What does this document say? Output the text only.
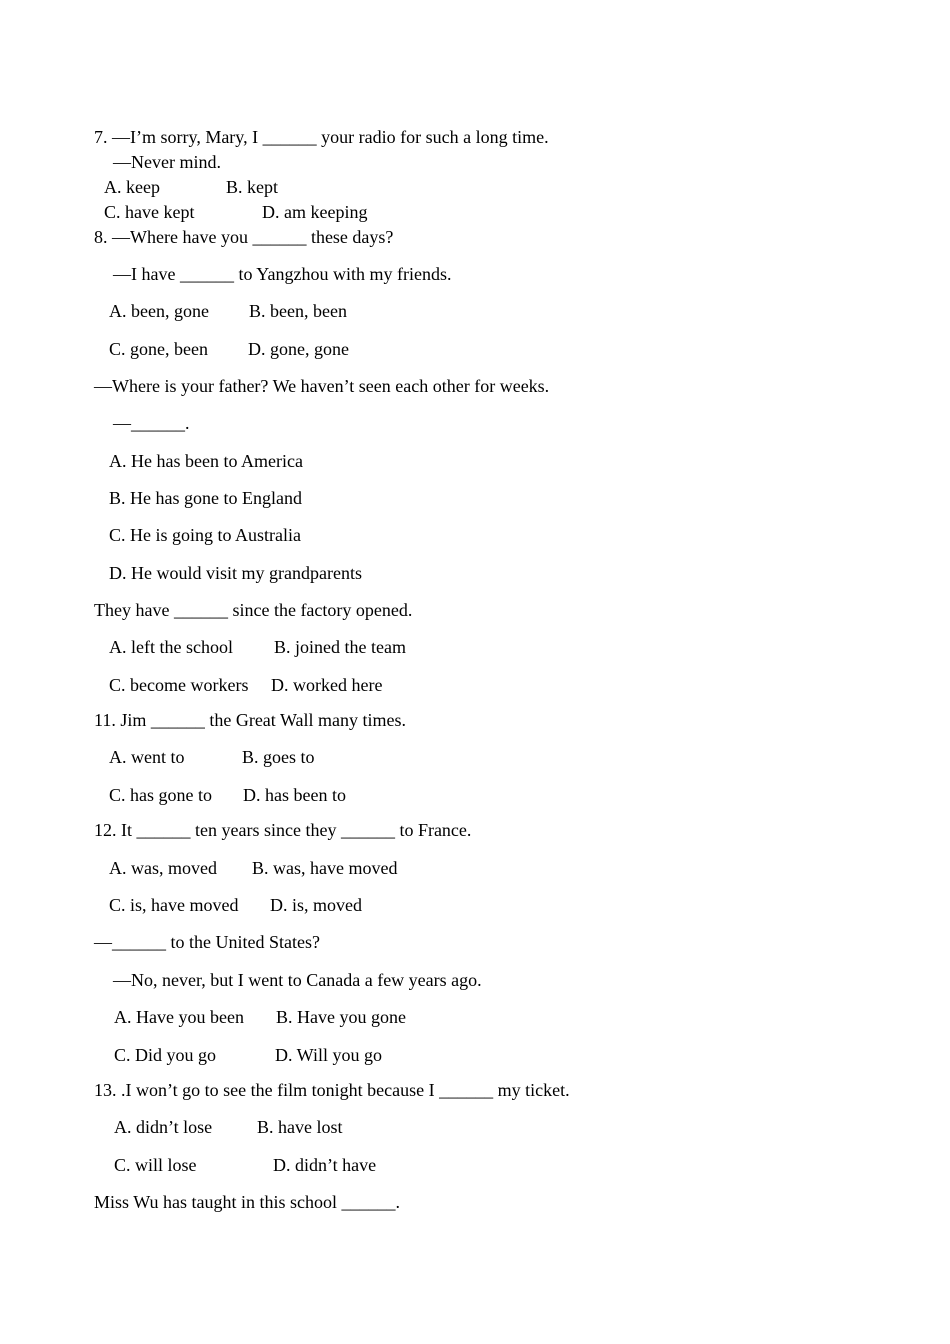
7. —I’m sorry, Mary, I ______ your radio for such a long time.
—Never mind.
A. keep	B. kept
C. have kept	D. am keeping
8. —Where have you ______ these days?
—I have ______ to Yangzhou with my friends.
A. been, gone B. been, been
C. gone, been D. gone, gone
—Where is your father? We haven’t seen each other for weeks.
—______.
A. He has been to America
B. He has gone to England
C. He is going to Australia
D. He would visit my grandparents
They have ______ since the factory opened.
A. left the school B. joined the team
C. become workers D. worked here
11. Jim ______ the Great Wall many times.
A. went to	B. goes to
C. has gone to D. has been to
12. It ______ ten years since they ______ to France.
A. was, moved B. was, have moved
C. is, have moved D. is, moved
—______ to the United States?
—No, never, but I went to Canada a few years ago.
A. Have you been B. Have you gone
C. Did you go	D. Will you go
13. .I won’t go to see the film tonight because I ______ my ticket.
A. didn’t lose B. have lost
C. will lose	D. didn’t have
Miss Wu has taught in this school ______.
